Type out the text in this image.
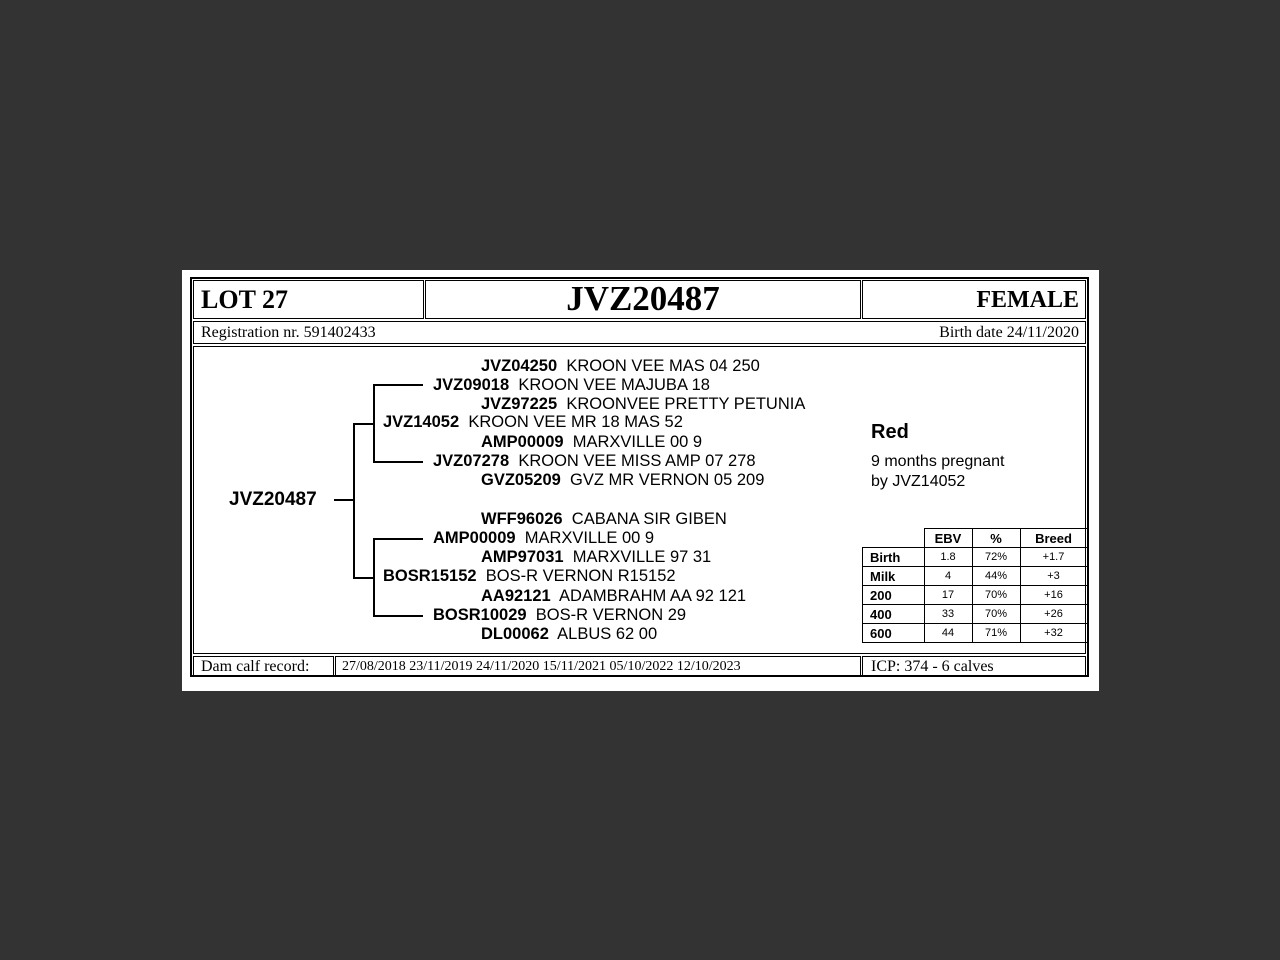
LOT 27	JVZ20487	FEMALE
Registration nr. 591402433	Birth date 24/11/2020
JVZ20487
JVZ04250 KROON VEE MAS 04 250
JVZ09018 KROON VEE MAJUBA 18
JVZ97225 KROONVEE PRETTY PETUNIA
JVZ14052 KROON VEE MR 18 MAS 52
AMP00009 MARXVILLE 00 9
JVZ07278 KROON VEE MISS AMP 07 278
GVZ05209 GVZ MR VERNON 05 209
WFF96026 CABANA SIR GIBEN
AMP00009 MARXVILLE 00 9
AMP97031 MARXVILLE 97 31
BOSR15152 BOS-R VERNON R15152
AA92121 ADAMBRAHM AA 92 121
BOSR10029 BOS-R VERNON 29
DL00062 ALBUS 62 00
Red
9 months pregnant
by JVZ14052
	EBV	%	Breed
Birth	1.8	72%	+1.7
Milk	4	44%	+3
200	17	70%	+16
400	33	70%	+26
600	44	71%	+32
Dam calf record: 27/08/2018 23/11/2019 24/11/2020 15/11/2021 05/10/2022 12/10/2023	ICP: 374 - 6 calves
